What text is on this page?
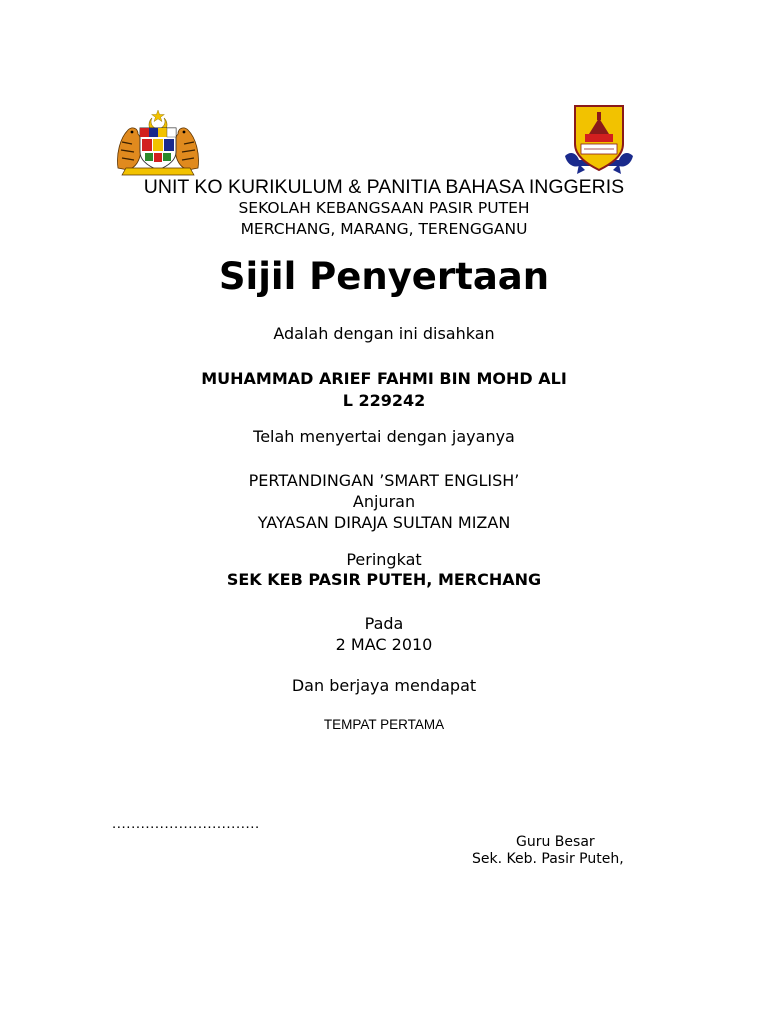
UNIT KO KURIKULUM & PANITIA BAHASA INGGERIS
SEKOLAH KEBANGSAAN PASIR PUTEH
MERCHANG, MARANG, TERENGGANU
Sijil Penyertaan
Adalah dengan ini disahkan
MUHAMMAD ARIEF FAHMI BIN MOHD ALI
L 229242
Telah menyertai dengan jayanya
PERTANDINGAN ’SMART ENGLISH’
Anjuran
YAYASAN DIRAJA SULTAN MIZAN
Peringkat
SEK KEB PASIR PUTEH, MERCHANG
Pada
2 MAC 2010
Dan berjaya mendapat
TEMPAT PERTAMA
...............................
Guru Besar
Sek. Keb. Pasir Puteh,
